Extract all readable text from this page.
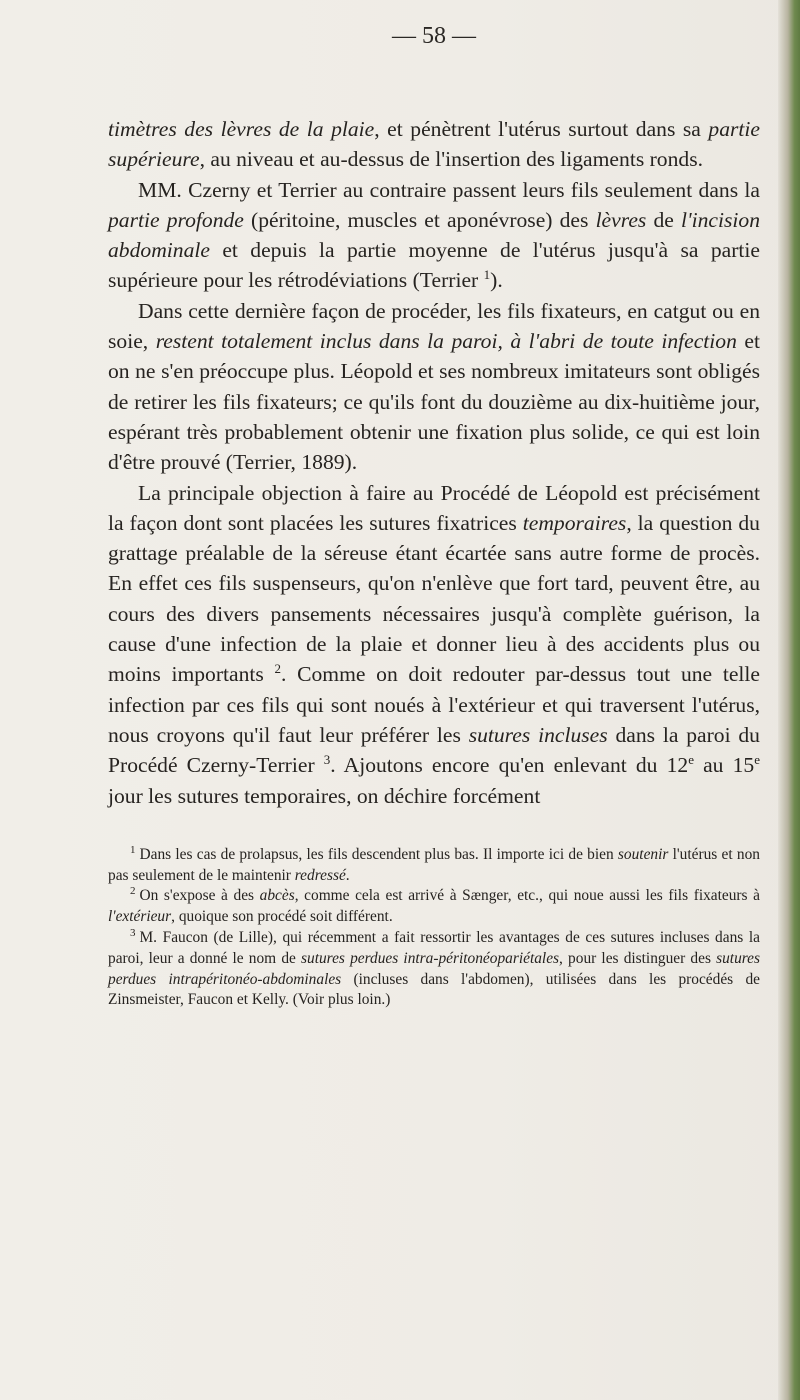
— 58 —

timètres des lèvres de la plaie, et pénètrent l'utérus surtout dans sa partie supérieure, au niveau et au-dessus de l'insertion des ligaments ronds.

MM. Czerny et Terrier au contraire passent leurs fils seulement dans la partie profonde (péritoine, muscles et aponévrose) des lèvres de l'incision abdominale et depuis la partie moyenne de l'utérus jusqu'à sa partie supérieure pour les rétrodéviations (Terrier $^1$).

Dans cette dernière façon de procéder, les fils fixateurs, en catgut ou en soie, restent totalement inclus dans la paroi, à l'abri de toute infection et on ne s'en préoccupe plus. Léopold et ses nombreux imitateurs sont obligés de retirer les fils fixateurs; ce qu'ils font du douzième au dix-huitième jour, espérant très probablement obtenir une fixation plus solide, ce qui est loin d'être prouvé (Terrier, 1889).

La principale objection à faire au Procédé de Léopold est précisément la façon dont sont placées les sutures fixatrices temporaires, la question du grattage préalable de la séreuse étant écartée sans autre forme de procès. En effet ces fils suspenseurs, qu'on n'enlève que fort tard, peuvent être, au cours des divers pansements nécessaires jusqu'à complète guérison, la cause d'une infection de la plaie et donner lieu à des accidents plus ou moins importants $^2$. Comme on doit redouter par-dessus tout une telle infection par ces fils qui sont noués à l'extérieur et qui traversent l'utérus, nous croyons qu'il faut leur préférer les sutures incluses dans la paroi du Procédé Czerny-Terrier $^3$. Ajoutons encore qu'en enlevant du 12e au 15e jour les sutures temporaires, on déchire forcément

$^1$ Dans les cas de prolapsus, les fils descendent plus bas. Il importe ici de bien soutenir l'utérus et non pas seulement de le maintenir redressé.

$^2$ On s'expose à des abcès, comme cela est arrivé à Sænger, etc., qui noue aussi les fils fixateurs à l'extérieur, quoique son procédé soit différent.

$^3$ M. Faucon (de Lille), qui récemment a fait ressortir les avantages de ces sutures incluses dans la paroi, leur a donné le nom de sutures perdues intra-péritonéopariétales, pour les distinguer des sutures perdues intrapéritonéo-abdominales (incluses dans l'abdomen), utilisées dans les procédés de Zinsmeister, Faucon et Kelly. (Voir plus loin.)
